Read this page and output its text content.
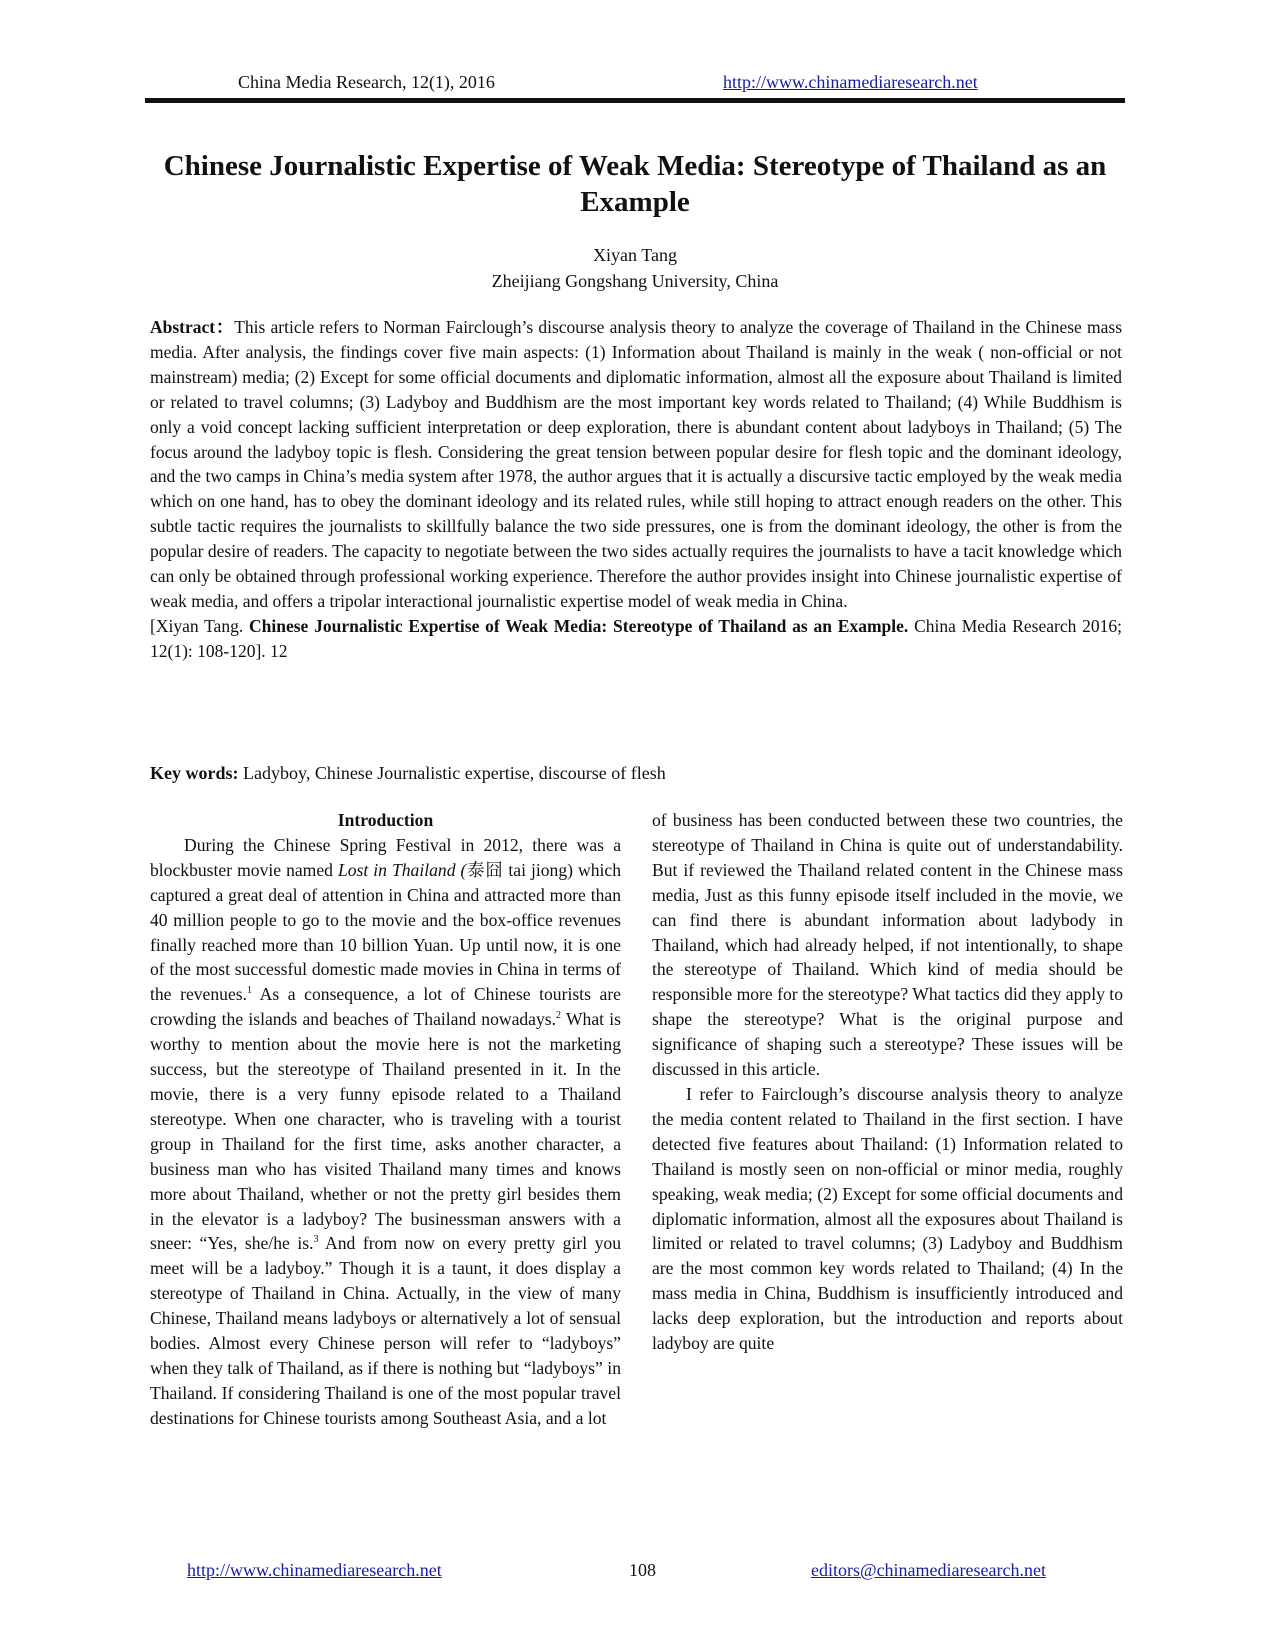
China Media Research, 12(1), 2016	http://www.chinamediaresearch.net
Chinese Journalistic Expertise of Weak Media: Stereotype of Thailand as an Example
Xiyan Tang
Zheijiang Gongshang University, China
Abstract：This article refers to Norman Fairclough’s discourse analysis theory to analyze the coverage of Thailand in the Chinese mass media. After analysis, the findings cover five main aspects: (1) Information about Thailand is mainly in the weak ( non-official or not mainstream) media; (2) Except for some official documents and diplomatic information, almost all the exposure about Thailand is limited or related to travel columns; (3) Ladyboy and Buddhism are the most important key words related to Thailand; (4) While Buddhism is only a void concept lacking sufficient interpretation or deep exploration, there is abundant content about ladyboys in Thailand; (5) The focus around the ladyboy topic is flesh. Considering the great tension between popular desire for flesh topic and the dominant ideology, and the two camps in China’s media system after 1978, the author argues that it is actually a discursive tactic employed by the weak media which on one hand, has to obey the dominant ideology and its related rules, while still hoping to attract enough readers on the other. This subtle tactic requires the journalists to skillfully balance the two side pressures, one is from the dominant ideology, the other is from the popular desire of readers. The capacity to negotiate between the two sides actually requires the journalists to have a tacit knowledge which can only be obtained through professional working experience. Therefore the author provides insight into Chinese journalistic expertise of weak media, and offers a tripolar interactional journalistic expertise model of weak media in China.
[Xiyan Tang. Chinese Journalistic Expertise of Weak Media: Stereotype of Thailand as an Example. China Media Research 2016; 12(1): 108-120]. 12
Key words: Ladyboy, Chinese Journalistic expertise, discourse of flesh

Introduction

During the Chinese Spring Festival in 2012, there was a blockbuster movie named Lost in Thailand (泰囧 tai jiong) which captured a great deal of attention in China and attracted more than 40 million people to go to the movie and the box-office revenues finally reached more than 10 billion Yuan. Up until now, it is one of the most successful domestic made movies in China in terms of the revenues.$^1$ As a consequence, a lot of Chinese tourists are crowding the islands and beaches of Thailand nowadays.$^2$ What is worthy to mention about the movie here is not the marketing success, but the stereotype of Thailand presented in it. In the movie, there is a very funny episode related to a Thailand stereotype. When one character, who is traveling with a tourist group in Thailand for the first time, asks another character, a business man who has visited Thailand many times and knows more about Thailand, whether or not the pretty girl besides them in the elevator is a ladyboy? The businessman answers with a sneer: “Yes, she/he is.$^3$ And from now on every pretty girl you meet will be a ladyboy.” Though it is a taunt, it does display a stereotype of Thailand in China. Actually, in the view of many Chinese, Thailand means ladyboys or alternatively a lot of sensual bodies. Almost every Chinese person will refer to “ladyboys” when they talk of Thailand, as if there is nothing but “ladyboys” in Thailand. If considering Thailand is one of the most popular travel destinations for Chinese tourists among Southeast Asia, and a lot

of business has been conducted between these two countries, the stereotype of Thailand in China is quite out of understandability. But if reviewed the Thailand related content in the Chinese mass media, Just as this funny episode itself included in the movie, we can find there is abundant information about ladybody in Thailand, which had already helped, if not intentionally, to shape the stereotype of Thailand. Which kind of media should be responsible more for the stereotype? What tactics did they apply to shape the stereotype? What is the original purpose and significance of shaping such a stereotype? These issues will be discussed in this article.

I refer to Fairclough’s discourse analysis theory to analyze the media content related to Thailand in the first section. I have detected five features about Thailand: (1) Information related to Thailand is mostly seen on non-official or minor media, roughly speaking, weak media; (2) Except for some official documents and diplomatic information, almost all the exposures about Thailand is limited or related to travel columns; (3) Ladyboy and Buddhism are the most common key words related to Thailand; (4) In the mass media in China, Buddhism is insufficiently introduced and lacks deep exploration, but the introduction and reports about ladyboy are quite

http://www.chinamediaresearch.net	108	editors@chinamediaresearch.net
